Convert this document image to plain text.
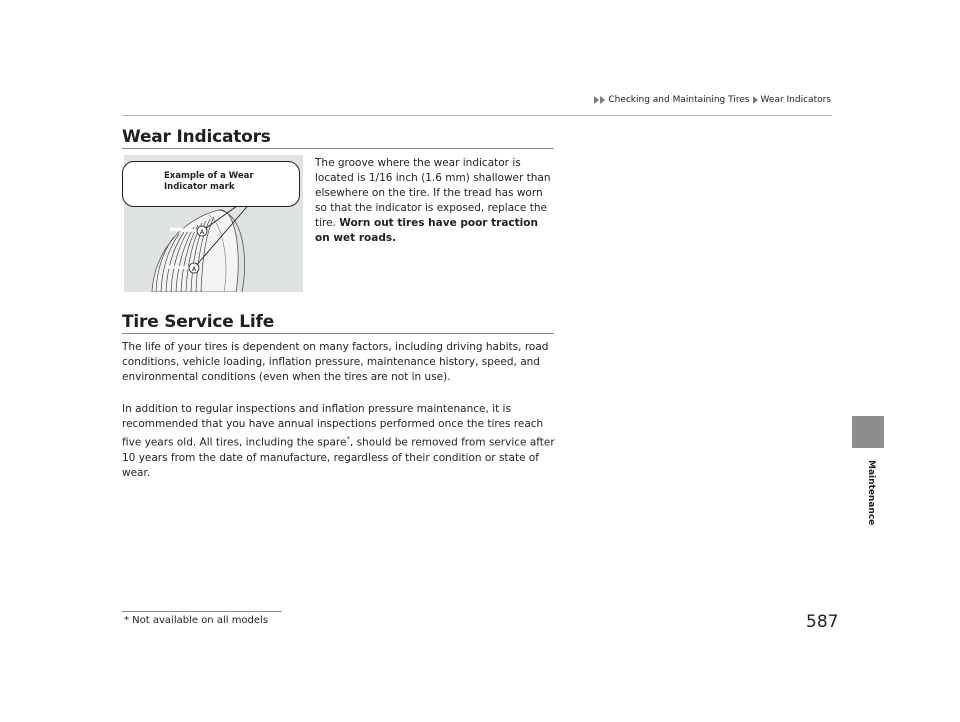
Checking and Maintaining Tires Wear Indicators
Wear Indicators
A
A
Example of a Wear Indicator mark
The groove where the wear indicator is located is 1/16 inch (1.6 mm) shallower than elsewhere on the tire. If the tread has worn so that the indicator is exposed, replace the tire. Worn out tires have poor traction on wet roads.
Tire Service Life
The life of your tires is dependent on many factors, including driving habits, road conditions, vehicle loading, inflation pressure, maintenance history, speed, and environmental conditions (even when the tires are not in use).
In addition to regular inspections and inflation pressure maintenance, it is recommended that you have annual inspections performed once the tires reach five years old. All tires, including the spare*, should be removed from service after 10 years from the date of manufacture, regardless of their condition or state of wear.	Maintenance
* Not available on all models	587
